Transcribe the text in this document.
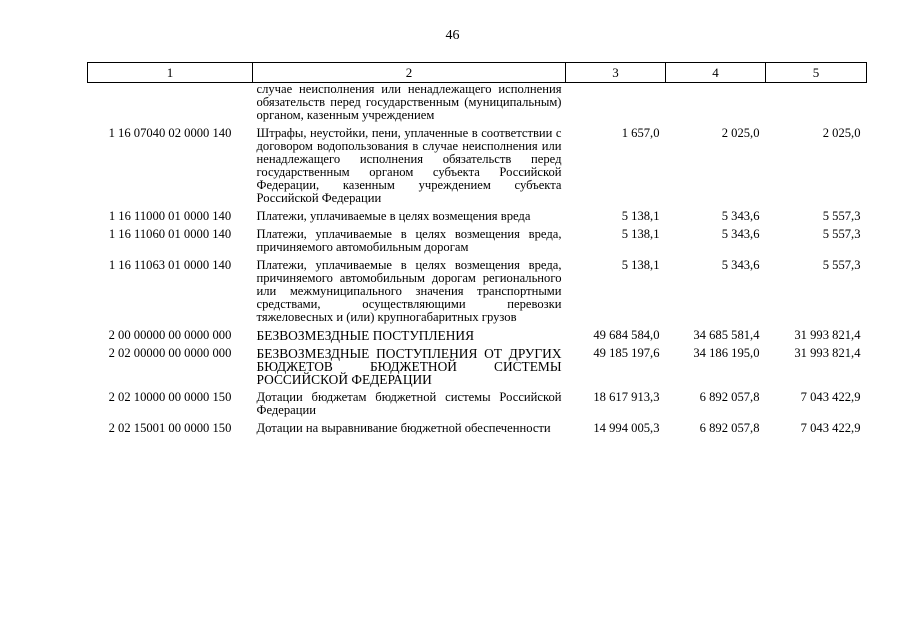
46
1	2	3	4	5
	случае неисполнения или ненадлежащего исполнения обязательств перед государственным (муниципальным) органом, казенным учреждением			
1 16 07040 02 0000 140	Штрафы, неустойки, пени, уплаченные в соответствии с договором водопользования в случае неисполнения или ненадлежащего исполнения обязательств перед государственным органом субъекта Российской Федерации, казенным учреждением субъекта Российской Федерации	1 657,0	2 025,0	2 025,0
1 16 11000 01 0000 140	Платежи, уплачиваемые в целях возмещения вреда	5 138,1	5 343,6	5 557,3
1 16 11060 01 0000 140	Платежи, уплачиваемые в целях возмещения вреда, причиняемого автомобильным дорогам	5 138,1	5 343,6	5 557,3
1 16 11063 01 0000 140	Платежи, уплачиваемые в целях возмещения вреда, причиняемого автомобильным дорогам регионального или межмуниципального значения транспортными средствами, осуществляющими перевозки тяжеловесных и (или) крупногабаритных грузов	5 138,1	5 343,6	5 557,3
2 00 00000 00 0000 000	БЕЗВОЗМЕЗДНЫЕ ПОСТУПЛЕНИЯ	49 684 584,0	34 685 581,4	31 993 821,4
2 02 00000 00 0000 000	БЕЗВОЗМЕЗДНЫЕ ПОСТУПЛЕНИЯ ОТ ДРУГИХ БЮДЖЕТОВ БЮДЖЕТНОЙ СИСТЕМЫ РОССИЙСКОЙ ФЕДЕРАЦИИ	49 185 197,6	34 186 195,0	31 993 821,4
2 02 10000 00 0000 150	Дотации бюджетам бюджетной системы Российской Федерации	18 617 913,3	6 892 057,8	7 043 422,9
2 02 15001 00 0000 150	Дотации на выравнивание бюджетной обеспеченности	14 994 005,3	6 892 057,8	7 043 422,9
